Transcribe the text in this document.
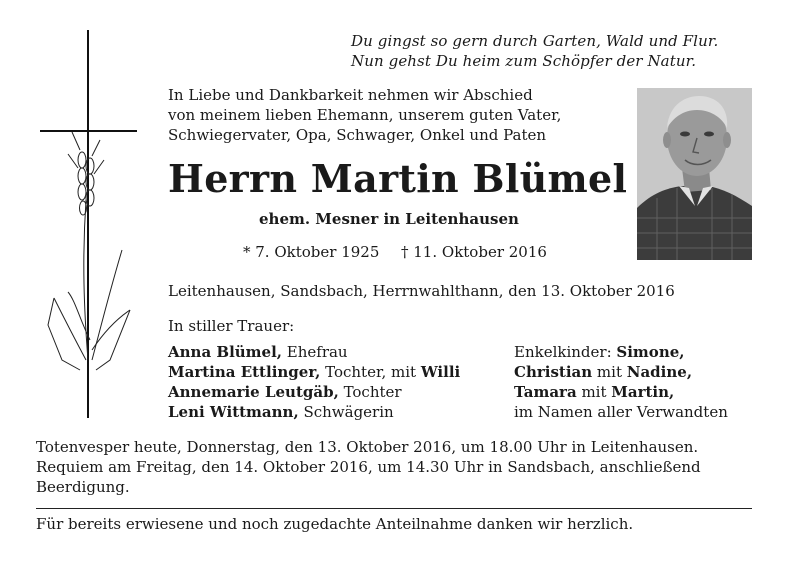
Du gingst so gern durch Garten, Wald und Flur.
Nun gehst Du heim zum Schöpfer der Natur.
In Liebe und Dankbarkeit nehmen wir Abschied
von meinem lieben Ehemann, unserem guten Vater,
Schwiegervater, Opa, Schwager, Onkel und Paten
Herrn Martin Blümel
ehem. Mesner in Leitenhausen
* 7. Oktober 1925 † 11. Oktober 2016
Leitenhausen, Sandsbach, Herrnwahlthann, den 13. Oktober 2016
In stiller Trauer:
Anna Blümel, Ehefrau
Martina Ettlinger, Tochter, mit Willi
Annemarie Leutgäb, Tochter
Leni Wittmann, Schwägerin
Enkelkinder: Simone,
Christian mit Nadine,
Tamara mit Martin,
im Namen aller Verwandten
Totenvesper heute, Donnerstag, den 13. Oktober 2016, um 18.00 Uhr in Leitenhausen.
Requiem am Freitag, den 14. Oktober 2016, um 14.30 Uhr in Sandsbach, anschließend
Beerdigung.
Für bereits erwiesene und noch zugedachte Anteilnahme danken wir herzlich.
